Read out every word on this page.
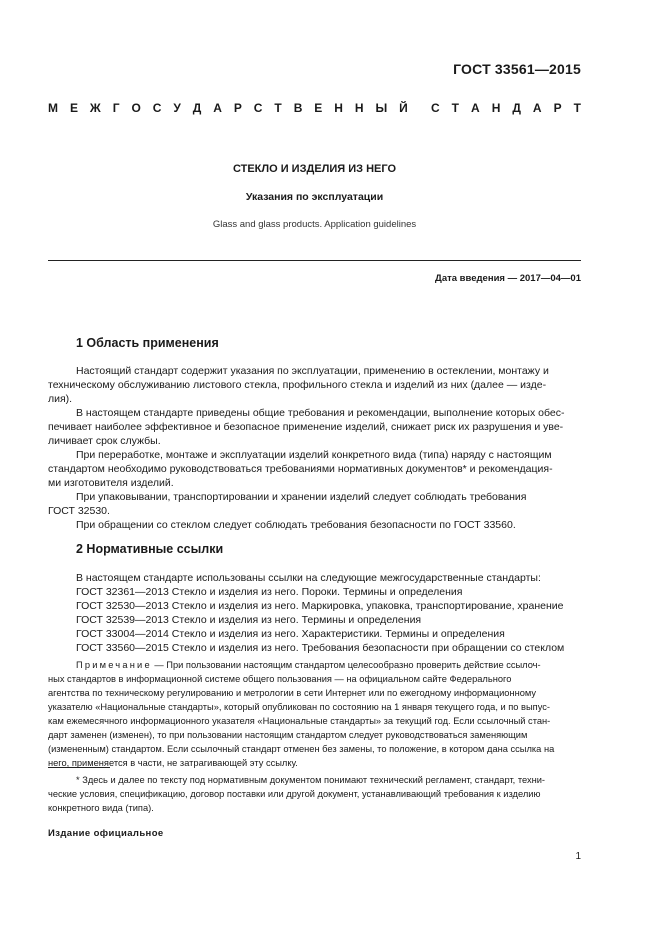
ГОСТ 33561—2015
М Е Ж Г О С У Д А Р С Т В Е Н Н Ы Й С Т А Н Д А Р Т
СТЕКЛО И ИЗДЕЛИЯ ИЗ НЕГО
Указания по эксплуатации
Glass and glass products. Application guidelines
Дата введения — 2017—04—01
1 Область применения
Настоящий стандарт содержит указания по эксплуатации, применению в остеклении, монтажу и
техническому обслуживанию листового стекла, профильного стекла и изделий из них (далее — изде-
лия).
В настоящем стандарте приведены общие требования и рекомендации, выполнение которых обес-
печивает наиболее эффективное и безопасное применение изделий, снижает риск их разрушения и уве-
личивает срок службы.
При переработке, монтаже и эксплуатации изделий конкретного вида (типа) наряду с настоящим
стандартом необходимо руководствоваться требованиями нормативных документов* и рекомендация-
ми изготовителя изделий.
При упаковывании, транспортировании и хранении изделий следует соблюдать требования
ГОСТ 32530.
При обращении со стеклом следует соблюдать требования безопасности по ГОСТ 33560.
2 Нормативные ссылки
В настоящем стандарте использованы ссылки на следующие межгосударственные стандарты:
ГОСТ 32361—2013 Стекло и изделия из него. Пороки. Термины и определения
ГОСТ 32530—2013 Стекло и изделия из него. Маркировка, упаковка, транспортирование, хранение
ГОСТ 32539—2013 Стекло и изделия из него. Термины и определения
ГОСТ 33004—2014 Стекло и изделия из него. Характеристики. Термины и определения
ГОСТ 33560—2015 Стекло и изделия из него. Требования безопасности при обращении со стеклом
Примечание — При пользовании настоящим стандартом целесообразно проверить действие ссылоч-
ных стандартов в информационной системе общего пользования — на официальном сайте Федерального
агентства по техническому регулированию и метрологии в сети Интернет или по ежегодному информационному
указателю «Национальные стандарты», который опубликован по состоянию на 1 января текущего года, и по выпус-
кам ежемесячного информационного указателя «Национальные стандарты» за текущий год. Если ссылочный стан-
дарт заменен (изменен), то при пользовании настоящим стандартом следует руководствоваться заменяющим
(измененным) стандартом. Если ссылочный стандарт отменен без замены, то положение, в котором дана ссылка на
него, применяется в части, не затрагивающей эту ссылку.
* Здесь и далее по тексту под нормативным документом понимают технический регламент, стандарт, техни-
ческие условия, спецификацию, договор поставки или другой документ, устанавливающий требования к изделию
конкретного вида (типа).
Издание официальное
1
